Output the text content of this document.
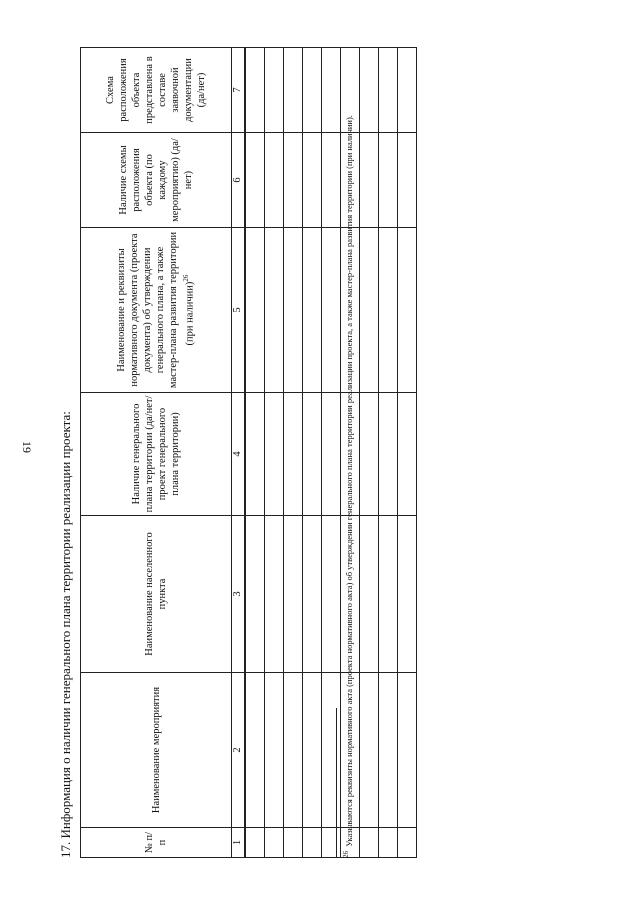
19 17. Информация о наличии генерального плана территории реализации проекта:	№ п/п	Наименование мероприятия	Наименование населенного пункта	Наличие генерального плана территории (да/нет/проект генерального плана территории)	Наименование и реквизиты нормативного документа (проекта документа) об утверждении генерального плана, а также мастер-плана развития территории (при наличии)$^{26}$	Наличие схемы расположения объекта (по каждому мероприятию) (да/нет)	Схема расположения объекта представлена в составе заявочной документации (да/нет)
1	2	3	4	5	6	7

$^{26}$  Указываются реквизиты нормативного акта (проекта нормативного акта) об утверждении генерального плана территории реализации проекта, а также мастер-плана развития территории (при наличии).
